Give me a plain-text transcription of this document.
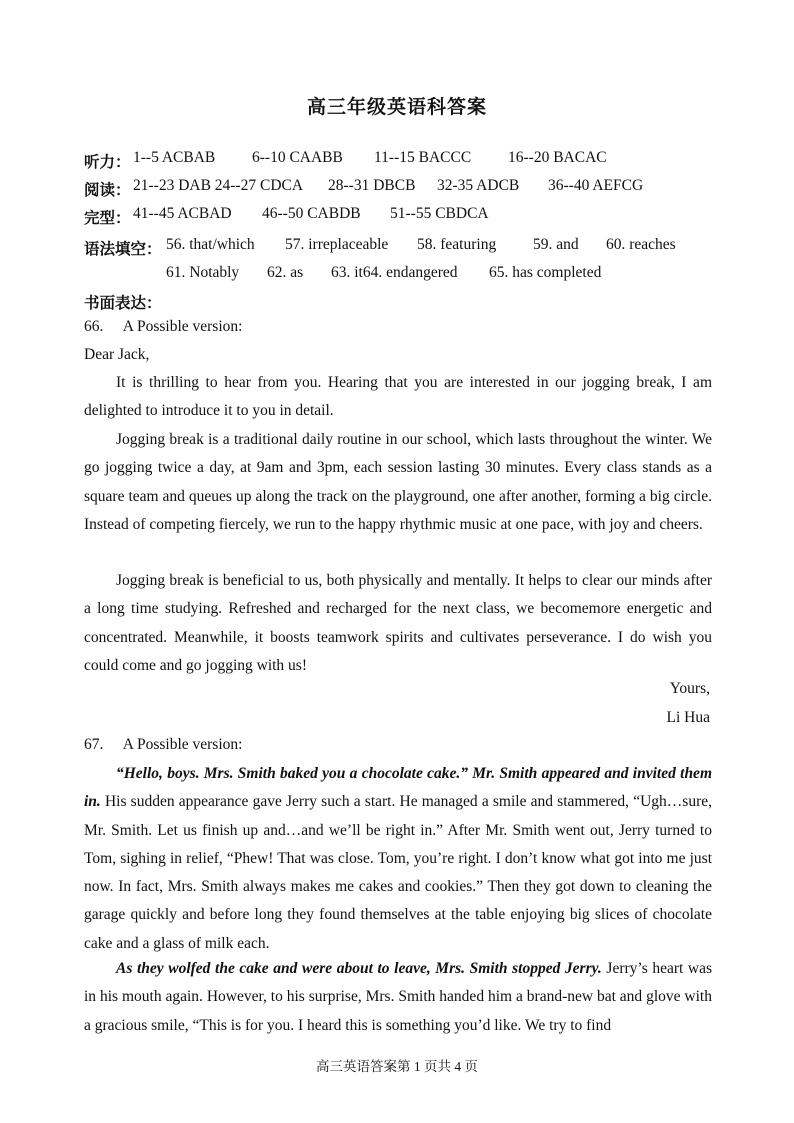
高三年级英语科答案
听力： 1--5 ACBAB 6--10 CAABB 11--15 BACCC 16--20 BACAC
阅读： 21--23 DAB 24--27 CDCA 28--31 DBCB 32-35 ADCB 36--40 AEFCG
完型： 41--45 ACBAD 46--50 CABDB 51--55 CBDCA
语法填空： 56. that/which 57. irreplaceable 58. featuring 59. and 60. reaches
61. Notably 62. as 63. it64. endangered 65. has completed
书面表达：
66.     A Possible version:
Dear Jack,
It is thrilling to hear from you. Hearing that you are interested in our jogging break, I am delighted to introduce it to you in detail.
Jogging break is a traditional daily routine in our school, which lasts throughout the winter. We go jogging twice a day, at 9am and 3pm, each session lasting 30 minutes. Every class stands as a square team and queues up along the track on the playground, one after another, forming a big circle. Instead of competing fiercely, we run to the happy rhythmic music at one pace, with joy and cheers.
Jogging break is beneficial to us, both physically and mentally. It helps to clear our minds after a long time studying. Refreshed and recharged for the next class, we becomemore energetic and concentrated. Meanwhile, it boosts teamwork spirits and cultivates perseverance. I do wish you could come and go jogging with us!
Yours,
Li Hua
67.     A Possible version:
“Hello, boys. Mrs. Smith baked you a chocolate cake.” Mr. Smith appeared and invited them in. His sudden appearance gave Jerry such a start. He managed a smile and stammered, “Ugh…sure, Mr. Smith. Let us finish up and…and we’ll be right in.” After Mr. Smith went out, Jerry turned to Tom, sighing in relief, “Phew! That was close. Tom, you’re right. I don’t know what got into me just now. In fact, Mrs. Smith always makes me cakes and cookies.” Then they got down to cleaning the garage quickly and before long they found themselves at the table enjoying big slices of chocolate cake and a glass of milk each.
As they wolfed the cake and were about to leave, Mrs. Smith stopped Jerry. Jerry’s heart was in his mouth again. However, to his surprise, Mrs. Smith handed him a brand-new bat and glove with a gracious smile, “This is for you. I heard this is something you’d like. We try to find
高三英语答案第 1 页共 4 页
